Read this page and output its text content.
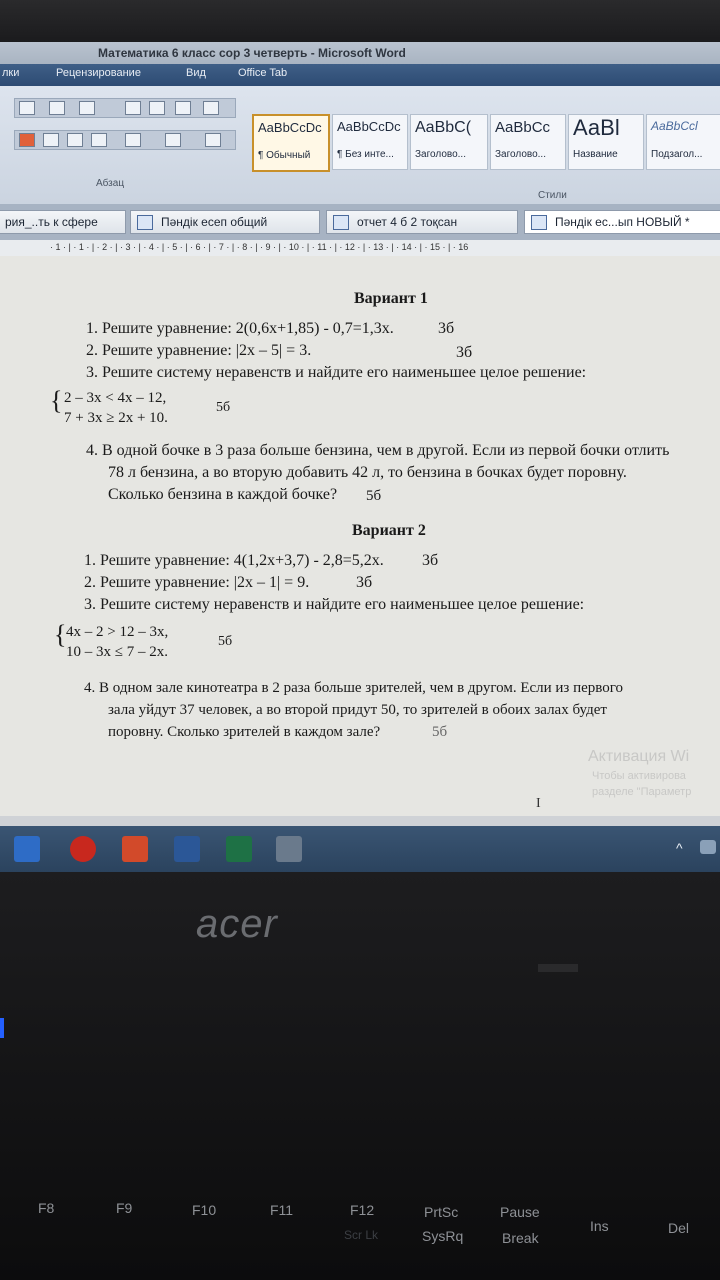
Математика 6 класс сор 3 четверть - Microsoft Word
лки	Рецензирование	Вид	Office Tab
Абзац
AaBbCcDc
¶ Обычный
AaBbCcDc
¶ Без инте...
AaBbC(
Заголово...
AaBbCc
Заголово...
АаВl
Название
AaBbCcl
Подзагол...
Стили
рия_..ть к сфере	Пәндік есеп общий	отчет 4 б 2 тоқсан	Пәндік ес...ып НОВЫЙ *
· 1 · | · 1 · | · 2 · | · 3 · | · 4 · | · 5 · | · 6 · | · 7 · | · 8 · | · 9 · | · 10 · | · 11 · | · 12 · | · 13 · | · 14 · | · 15 · | · 16
Вариант 1
1. Решите уравнение: 2(0,6х+1,85) - 0,7=1,3х.	3б
2. Решите уравнение: |2х – 5| = 3.	3б
3. Решите систему неравенств и найдите его наименьшее целое решение:
{ 2 – 3х < 4х – 12,
7 + 3х ≥ 2х + 10.
5б
4. В одной бочке в 3 раза больше бензина, чем в другой. Если из первой бочки отлить
78 л бензина, а во вторую добавить 42 л, то бензина в бочках будет поровну.
Сколько бензина в каждой бочке? 5б
Вариант 2
1. Решите уравнение: 4(1,2х+3,7) - 2,8=5,2х. 3б
2. Решите уравнение: |2х – 1| = 9.	3б
3. Решите систему неравенств и найдите его наименьшее целое решение:
{ 4х – 2 > 12 – 3х,
10 – 3х ≤ 7 – 2х.
5б
4. В одном зале кинотеатра в 2 раза больше зрителей, чем в другом. Если из первого
зала уйдут 37 человек, а во второй придут 50, то зрителей в обоих залах будет
поровну. Сколько зрителей в каждом зале?	5б
Активация Wi
Чтобы активирова
разделе "Параметр
I
^
acer
F8	F9	F10	F11	F12
Scr Lk
PrtSc
SysRq
Pause
Break
Ins	Del
